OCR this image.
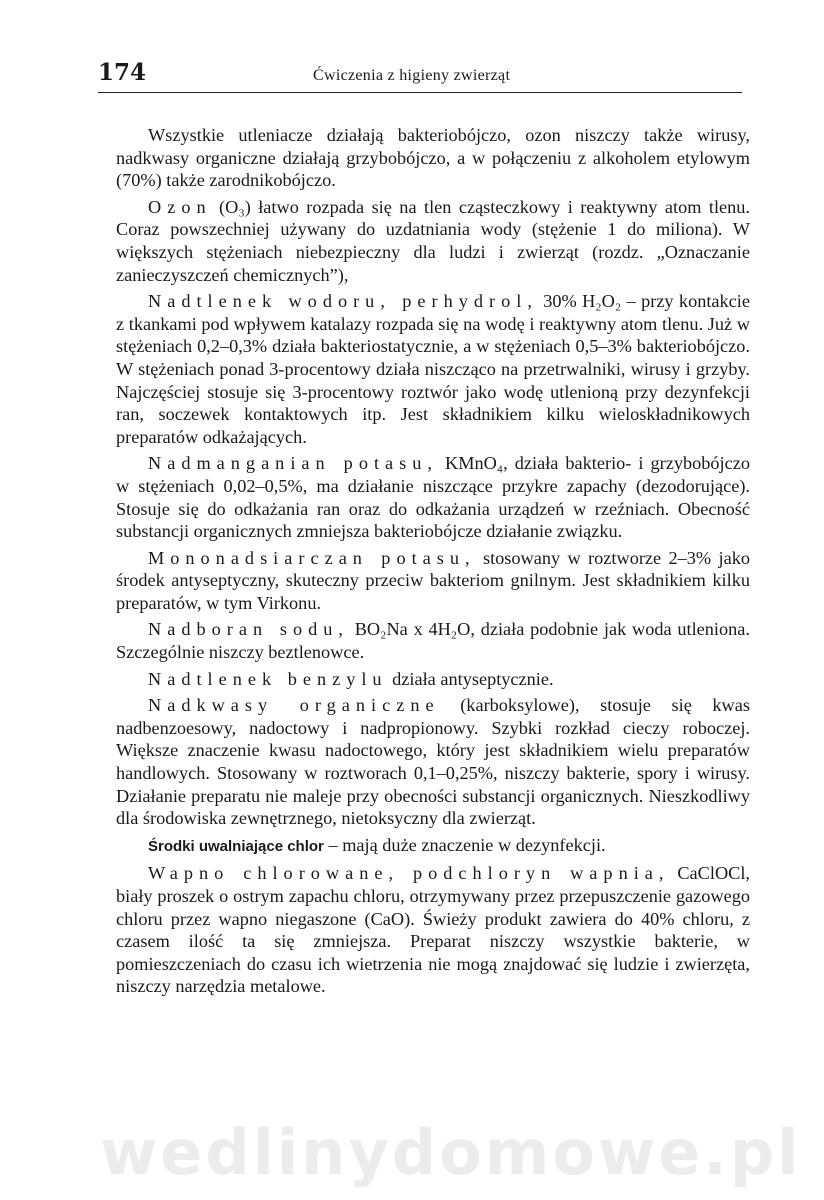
174	Ćwiczenia z higieny zwierząt

Wszystkie utleniacze działają bakteriobójczo, ozon niszczy także wirusy, nadkwasy organiczne działają grzybobójczo, a w połączeniu z alkoholem etylowym (70%) także zarodnikobójczo.

Ozon (O₃) łatwo rozpada się na tlen cząsteczkowy i reaktywny atom tlenu. Coraz powszechniej używany do uzdatniania wody (stężenie 1 do miliona). W większych stężeniach niebezpieczny dla ludzi i zwierząt (rozdz. „Oznaczanie zanieczyszczeń chemicznych”),

Nadtlenek wodoru, perhydrol, 30% H₂O₂ – przy kontakcie z tkankami pod wpływem katalazy rozpada się na wodę i reaktywny atom tlenu. Już w stężeniach 0,2–0,3% działa bakteriostatycznie, a w stężeniach 0,5–3% bakteriobójczo. W stężeniach ponad 3-procentowy działa niszcząco na przetrwalniki, wirusy i grzyby. Najczęściej stosuje się 3-procentowy roztwór jako wodę utlenioną przy dezynfekcji ran, soczewek kontaktowych itp. Jest składnikiem kilku wieloskładnikowych preparatów odkażających.

Nadmanganian potasu, KMnO₄, działa bakterio- i grzybobójczo w stężeniach 0,02–0,5%, ma działanie niszczące przykre zapachy (dezodorujące). Stosuje się do odkażania ran oraz do odkażania urządzeń w rzeźniach. Obecność substancji organicznych zmniejsza bakteriobójcze działanie związku.

Mononadsiarczan potasu, stosowany w roztworze 2–3% jako środek antyseptyczny, skuteczny przeciw bakteriom gnilnym. Jest składnikiem kilku preparatów, w tym Virkonu.

Nadboran sodu, BO₂Na x 4H₂O, działa podobnie jak woda utleniona. Szczególnie niszczy beztlenowce.

Nadtlenek benzylu działa antyseptycznie.

Nadkwasy organiczne (karboksylowe), stosuje się kwas nadbenzoesowy, nadoctowy i nadpropionowy. Szybki rozkład cieczy roboczej. Większe znaczenie kwasu nadoctowego, który jest składnikiem wielu preparatów handlowych. Stosowany w roztworach 0,1–0,25%, niszczy bakterie, spory i wirusy. Działanie preparatu nie maleje przy obecności substancji organicznych. Nieszkodliwy dla środowiska zewnętrznego, nietoksyczny dla zwierząt.

Środki uwalniające chlor – mają duże znaczenie w dezynfekcji.

Wapno chlorowane, podchloryn wapnia, CaClOCl, biały proszek o ostrym zapachu chloru, otrzymywany przez przepuszczenie gazowego chloru przez wapno niegaszone (CaO). Świeży produkt zawiera do 40% chloru, z czasem ilość ta się zmniejsza. Preparat niszczy wszystkie bakterie, w pomieszczeniach do czasu ich wietrzenia nie mogą znajdować się ludzie i zwierzęta, niszczy narzędzia metalowe.

wedlinydomowe.pl
